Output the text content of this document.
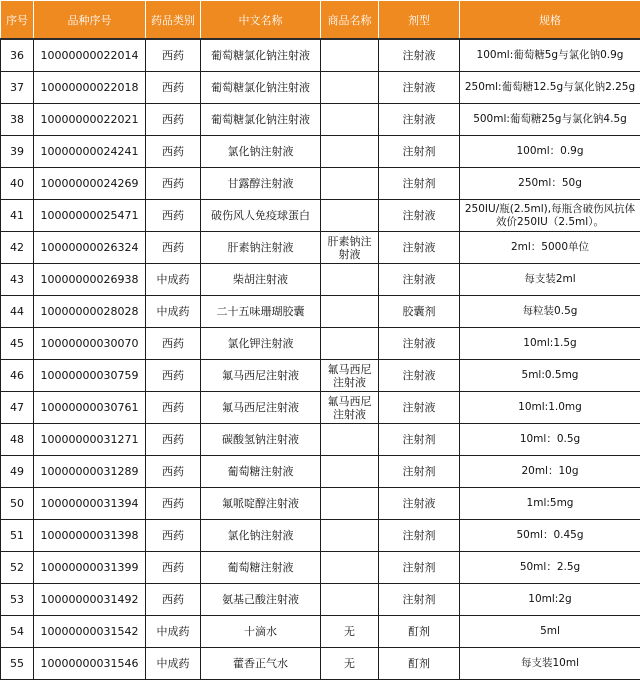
序号	品种序号	药品类别	中文名称	商品名称	剂型	规格
36	10000000022014	西药	葡萄糖氯化钠注射液		注射液	100ml:葡萄糖5g与氯化钠0.9g
37	10000000022018	西药	葡萄糖氯化钠注射液		注射液	250ml:葡萄糖12.5g与氯化钠2.25g
38	10000000022021	西药	葡萄糖氯化钠注射液		注射液	500ml:葡萄糖25g与氯化钠4.5g
39	10000000024241	西药	氯化钠注射液		注射剂	100ml：0.9g
40	10000000024269	西药	甘露醇注射液		注射剂	250ml：50g
41	10000000025471	西药	破伤风人免疫球蛋白		注射液	250IU/瓶(2.5ml),每瓶含破伤风抗体效价250IU（2.5ml）。
42	10000000026324	西药	肝素钠注射液	肝素钠注射液	注射液	2ml：5000单位
43	10000000026938	中成药	柴胡注射液		注射液	每支装2ml
44	10000000028028	中成药	二十五味珊瑚胶囊		胶囊剂	每粒装0.5g
45	10000000030070	西药	氯化钾注射液		注射液	10ml:1.5g
46	10000000030759	西药	氟马西尼注射液	氟马西尼注射液	注射液	5ml:0.5mg
47	10000000030761	西药	氟马西尼注射液	氟马西尼注射液	注射液	10ml:1.0mg
48	10000000031271	西药	碳酸氢钠注射液		注射剂	10ml：0.5g
49	10000000031289	西药	葡萄糖注射液		注射剂	20ml：10g
50	10000000031394	西药	氟哌啶醇注射液		注射液	1ml:5mg
51	10000000031398	西药	氯化钠注射液		注射剂	50ml：0.45g
52	10000000031399	西药	葡萄糖注射液		注射剂	50ml：2.5g
53	10000000031492	西药	氨基己酸注射液		注射剂	10ml:2g
54	10000000031542	中成药	十滴水	无	酊剂	5ml
55	10000000031546	中成药	藿香正气水	无	酊剂	每支装10ml
